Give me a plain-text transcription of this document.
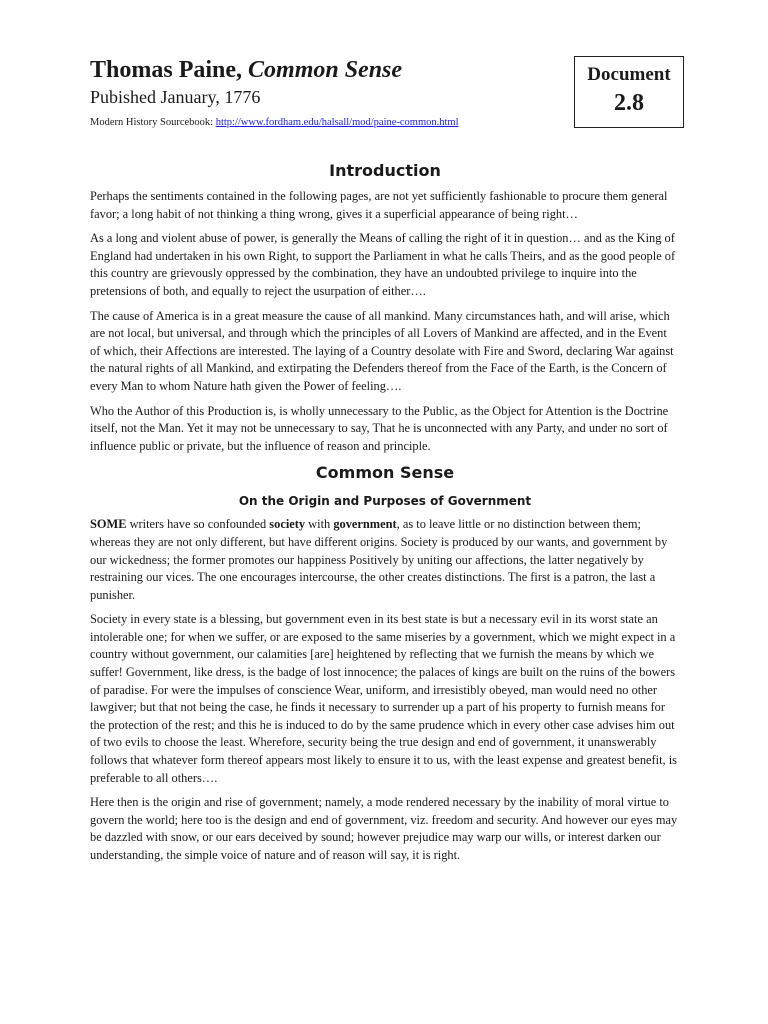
Thomas Paine, Common Sense
Pubished January, 1776
Modern History Sourcebook: http://www.fordham.edu/halsall/mod/paine-common.html
Document
2.8
Introduction

Perhaps the sentiments contained in the following pages, are not yet sufficiently fashionable to procure them general favor; a long habit of not thinking a thing wrong, gives it a superficial appearance of being right…

As a long and violent abuse of power, is generally the Means of calling the right of it in question… and as the King of England had undertaken in his own Right, to support the Parliament in what he calls Theirs, and as the good people of this country are grievously oppressed by the combination, they have an undoubted privilege to inquire into the pretensions of both, and equally to reject the usurpation of either….

The cause of America is in a great measure the cause of all mankind. Many circumstances hath, and will arise, which are not local, but universal, and through which the principles of all Lovers of Mankind are affected, and in the Event of which, their Affections are interested. The laying of a Country desolate with Fire and Sword, declaring War against the natural rights of all Mankind, and extirpating the Defenders thereof from the Face of the Earth, is the Concern of every Man to whom Nature hath given the Power of feeling….

Who the Author of this Production is, is wholly unnecessary to the Public, as the Object for Attention is the Doctrine itself, not the Man. Yet it may not be unnecessary to say, That he is unconnected with any Party, and under no sort of influence public or private, but the influence of reason and principle.

Common Sense
On the Origin and Purposes of Government

SOME writers have so confounded society with government, as to leave little or no distinction between them; whereas they are not only different, but have different origins. Society is produced by our wants, and government by our wickedness; the former promotes our happiness Positively by uniting our affections, the latter negatively by restraining our vices. The one encourages intercourse, the other creates distinctions. The first is a patron, the last a punisher.

Society in every state is a blessing, but government even in its best state is but a necessary evil in its worst state an intolerable one; for when we suffer, or are exposed to the same miseries by a government, which we might expect in a country without government, our calamities [are] heightened by reflecting that we furnish the means by which we suffer! Government, like dress, is the badge of lost innocence; the palaces of kings are built on the ruins of the bowers of paradise. For were the impulses of conscience Wear, uniform, and irresistibly obeyed, man would need no other lawgiver; but that not being the case, he finds it necessary to surrender up a part of his property to furnish means for the protection of the rest; and this he is induced to do by the same prudence which in every other case advises him out of two evils to choose the least. Wherefore, security being the true design and end of government, it unanswerably follows that whatever form thereof appears most likely to ensure it to us, with the least expense and greatest benefit, is preferable to all others….

Here then is the origin and rise of government; namely, a mode rendered necessary by the inability of moral virtue to govern the world; here too is the design and end of government, viz. freedom and security. And however our eyes may be dazzled with snow, or our ears deceived by sound; however prejudice may warp our wills, or interest darken our understanding, the simple voice of nature and of reason will say, it is right.
